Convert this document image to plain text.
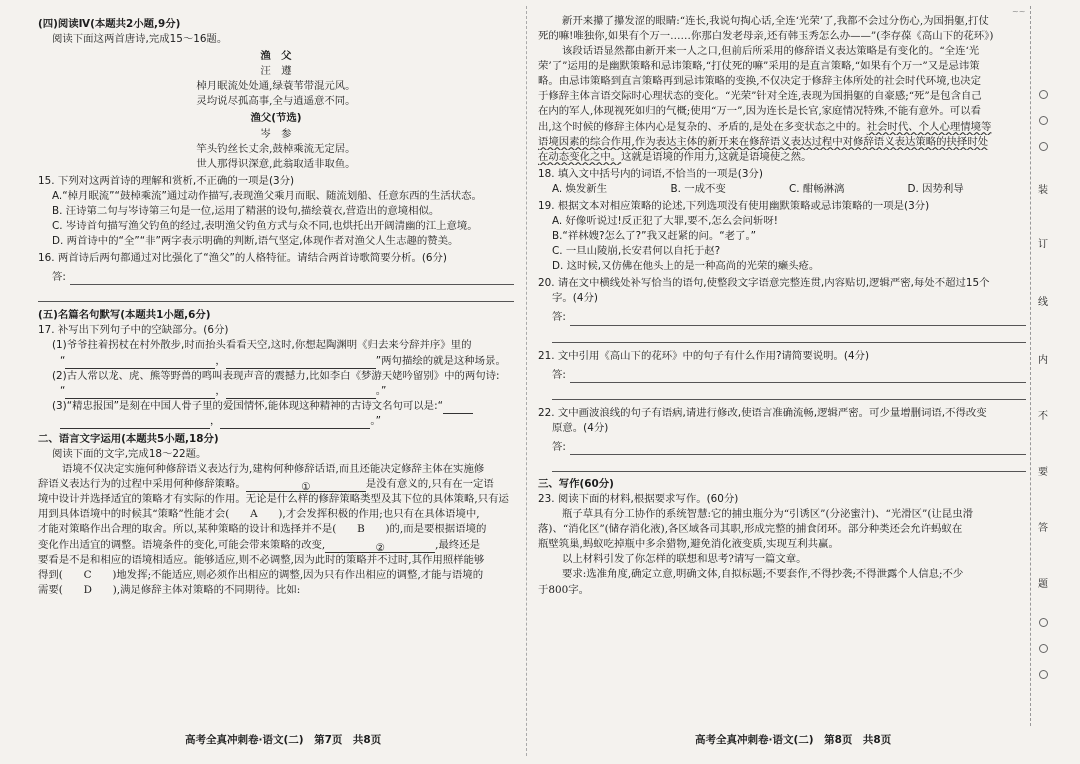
(四)阅读Ⅳ(本题共2小题,9分)

阅读下面这两首唐诗,完成15～16题。

渔　父

汪　遵

棹月眠流处处通,绿蓑苇带混元风。

灵均说尽孤高事,全与逍遥意不同。

渔父(节选)

岑　参

竿头钓丝长丈余,鼓棹乘流无定居。

世人那得识深意,此翁取适非取鱼。

15. 下列对这两首诗的理解和赏析,不正确的一项是(3分)

A.“棹月眠流”“鼓棹乘流”通过动作描写,表现渔父乘月而眠、随流划船、任意东西的生活状态。

B. 汪诗第二句与岑诗第三句是一位,运用了精湛的设句,描绘蓑衣,营造出的意境相似。

C. 岑诗首句描写渔父钓鱼的经过,表明渔父钓鱼方式与众不同,也烘托出开阔清幽的江上意境。

D. 两首诗中的“全”“非”两字表示明确的判断,语气坚定,体现作者对渔父人生志趣的赞美。

16. 两首诗后两句都通过对比强化了“渔父”的人格特征。请结合两首诗歌简要分析。(6分)

答:

(五)名篇名句默写(本题共1小题,6分)

17. 补写出下列句子中的空缺部分。(6分)

(1)爷爷拄着拐杖在村外散步,时而抬头看看天空,这时,你想起陶渊明《归去来兮辞并序》里的

“	，	”两句描绘的就是这种场景。

(2)古人常以龙、虎、熊等野兽的鸣叫表现声音的震撼力,比如李白《梦游天姥吟留别》中的两句诗:

“	，	。”

(3)“精忠报国”是刻在中国人骨子里的爱国情怀,能体现这种精神的古诗文名句可以是:“

，	。”

二、语言文字运用(本题共5小题,18分)

阅读下面的文字,完成18～22题。

语境不仅决定实施何种修辞语义表达行为,建构何种修辞话语,而且还能决定修辞主体在实施修

辞语义表达行为的过程中采用何种修辞策略。	①	是没有意义的,只有在一定语

境中设计并选择适宜的策略才有实际的作用。无论是什么样的修辞策略类型及其下位的具体策略,只有运

用到具体语境中的时候其“策略”性能才会(　　A　　),才会发挥积极的作用;也只有在具体语境中,

才能对策略作出合理的取舍。所以,某种策略的设计和选择并不是(　　B　　)的,而是要根据语境的

变化作出适宜的调整。语境条件的变化,可能会带来策略的改变,	②	,最终还是

要看是不是和相应的语境相适应。能够适应,则不必调整,因为此时的策略并不过时,其作用照样能够

得到(　　C　　)地发挥;不能适应,则必须作出相应的调整,因为只有作出相应的调整,才能与语境的

需要(　　D　　),满足修辞主体对策略的不同期待。比如:

高考全真冲刺卷·语文(二)　第7页　共8页

新开来攥了攥发涩的眼睛:“连长,我说句掏心话,全连‘光荣’了,我都不会过分伤心,为国捐躯,打仗

死的嘛!唯独你,如果有个万一……你那白发老母亲,还有韩玉秀怎么办——”(李存葆《高山下的花环》)

该段话语显然都由新开来一人之口,但前后所采用的修辞语义表达策略是有变化的。“全连‘光

荣’了”运用的是幽默策略和忌讳策略,“打仗死的嘛”采用的是直言策略,“如果有个万一”又是忌讳策

略。由忌讳策略到直言策略再到忌讳策略的变换,不仅决定于修辞主体所处的社会时代环境,也决定

于修辞主体言语交际时心理状态的变化。“光荣”针对全连,表现为国捐躯的自豪感;“死”是包含自己

在内的军人,体现视死如归的气概;使用“万一”,因为连长是长官,家庭情况特殊,不能有意外。可以看

出,这个时候的修辞主体内心是复杂的、矛盾的,是处在多变状态之中的。社会时代、个人心理情境等

语境因素的综合作用,作为表达主体的新开来在修辞语义表达过程中对修辞语义表达策略的抉择时处

在动态变化之中。这就是语境的作用力,这就是语境使之然。

18. 填入文中括号内的词语,不恰当的一项是(3分)

A. 焕发新生	B. 一成不变	C. 酣畅淋漓	D. 因势利导

19. 根据文本对相应策略的论述,下列选项没有使用幽默策略或忌讳策略的一项是(3分)

A. 好像听说过!反正犯了大罪,要不,怎么会问斩呀!

B.“祥林嫂?怎么了?”我又赶紧的问。“老了。”

C. 一旦山陵崩,长安君何以自托于赵?

D. 这时候,又仿佛在他头上的是一种高尚的光荣的癞头疮。

20. 请在文中横线处补写恰当的语句,使整段文字语意完整连贯,内容贴切,逻辑严密,每处不超过15个

字。(4分)

答:

21. 文中引用《高山下的花环》中的句子有什么作用?请简要说明。(4分)

答:

22. 文中画波浪线的句子有语病,请进行修改,使语言准确流畅,逻辑严密。可少量增删词语,不得改变

原意。(4分)

答:

三、写作(60分)

23. 阅读下面的材料,根据要求写作。(60分)

瓶子草具有分工协作的系统智慧:它的捕虫瓶分为“引诱区”(分泌蜜汁)、“光滑区”(让昆虫滑

落)、“消化区”(储存消化液),各区域各司其职,形成完整的捕食闭环。部分种类还会允许蚂蚁在

瓶壁筑巢,蚂蚁吃掉瓶中多余猎物,避免消化液变质,实现互利共赢。

以上材料引发了你怎样的联想和思考?请写一篇文章。

要求:选准角度,确定立意,明确文体,自拟标题;不要套作,不得抄袭;不得泄露个人信息;不少

于800字。

高考全真冲刺卷·语文(二)　第8页　共8页
~~
装
订
线
内
不
要
答
题
